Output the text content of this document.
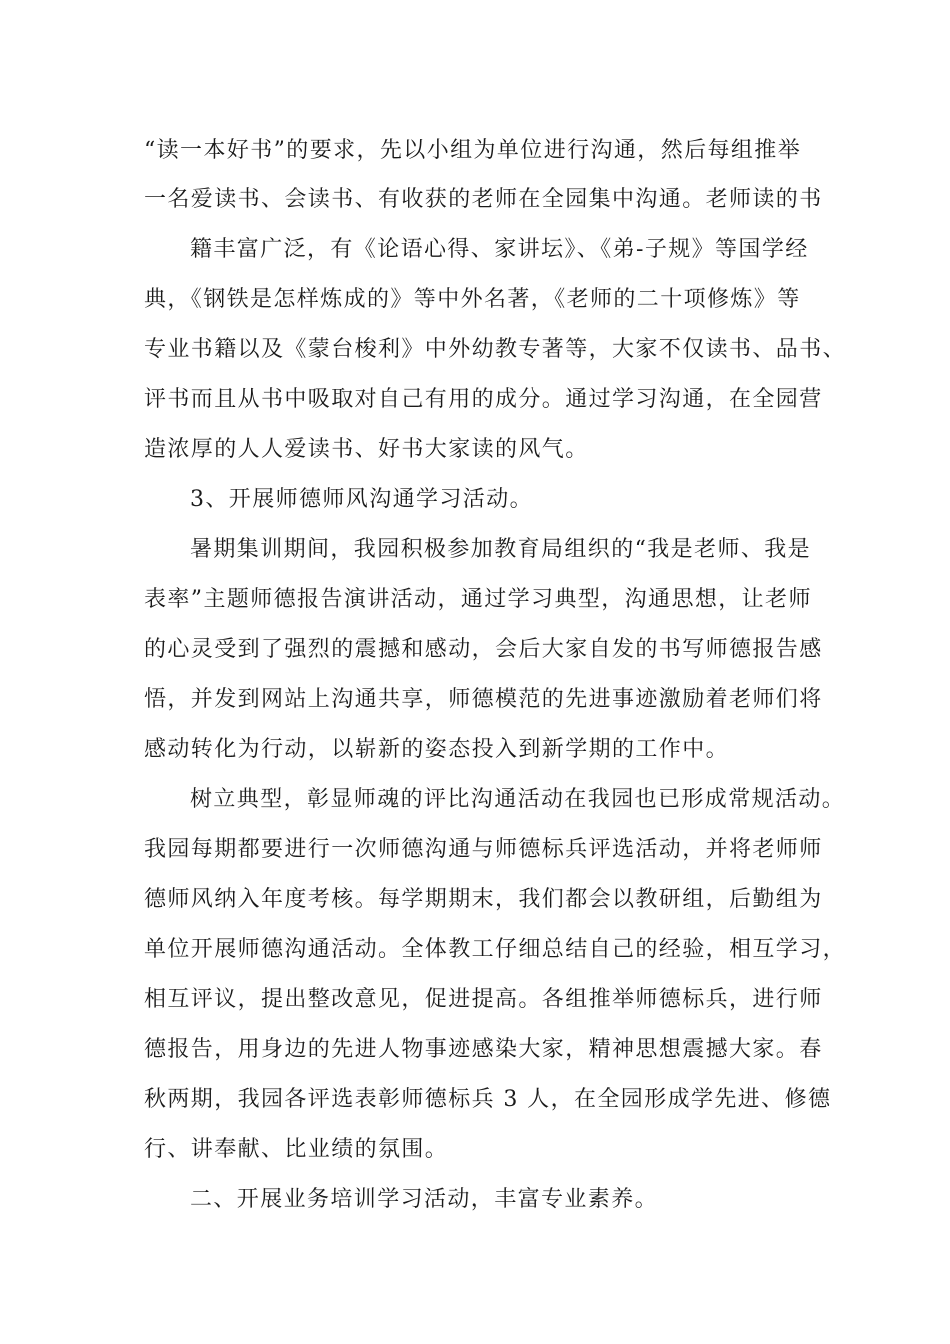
“读一本好书”的要求，先以小组为单位进行沟通，然后每组推举
一名爱读书、会读书、有收获的老师在全园集中沟通。老师读的书
籍丰富广泛，有《论语心得、家讲坛》、《弟-子规》等国学经
典，《钢铁是怎样炼成的》等中外名著，《老师的二十项修炼》等
专业书籍以及《蒙台梭利》中外幼教专著等，大家不仅读书、品书、
评书而且从书中吸取对自己有用的成分。通过学习沟通，在全园营
造浓厚的人人爱读书、好书大家读的风气。
3、开展师德师风沟通学习活动。
暑期集训期间，我园积极参加教育局组织的“我是老师、我是
表率”主题师德报告演讲活动，通过学习典型，沟通思想，让老师
的心灵受到了强烈的震撼和感动，会后大家自发的书写师德报告感
悟，并发到网站上沟通共享，师德模范的先进事迹激励着老师们将
感动转化为行动，以崭新的姿态投入到新学期的工作中。
树立典型，彰显师魂的评比沟通活动在我园也已形成常规活动。
我园每期都要进行一次师德沟通与师德标兵评选活动，并将老师师
德师风纳入年度考核。每学期期末，我们都会以教研组，后勤组为
单位开展师德沟通活动。全体教工仔细总结自己的经验，相互学习，
相互评议，提出整改意见，促进提高。各组推举师德标兵，进行师
德报告，用身边的先进人物事迹感染大家，精神思想震撼大家。春
秋两期，我园各评选表彰师德标兵 3 人，在全园形成学先进、修德
行、讲奉献、比业绩的氛围。
二、开展业务培训学习活动，丰富专业素养。
